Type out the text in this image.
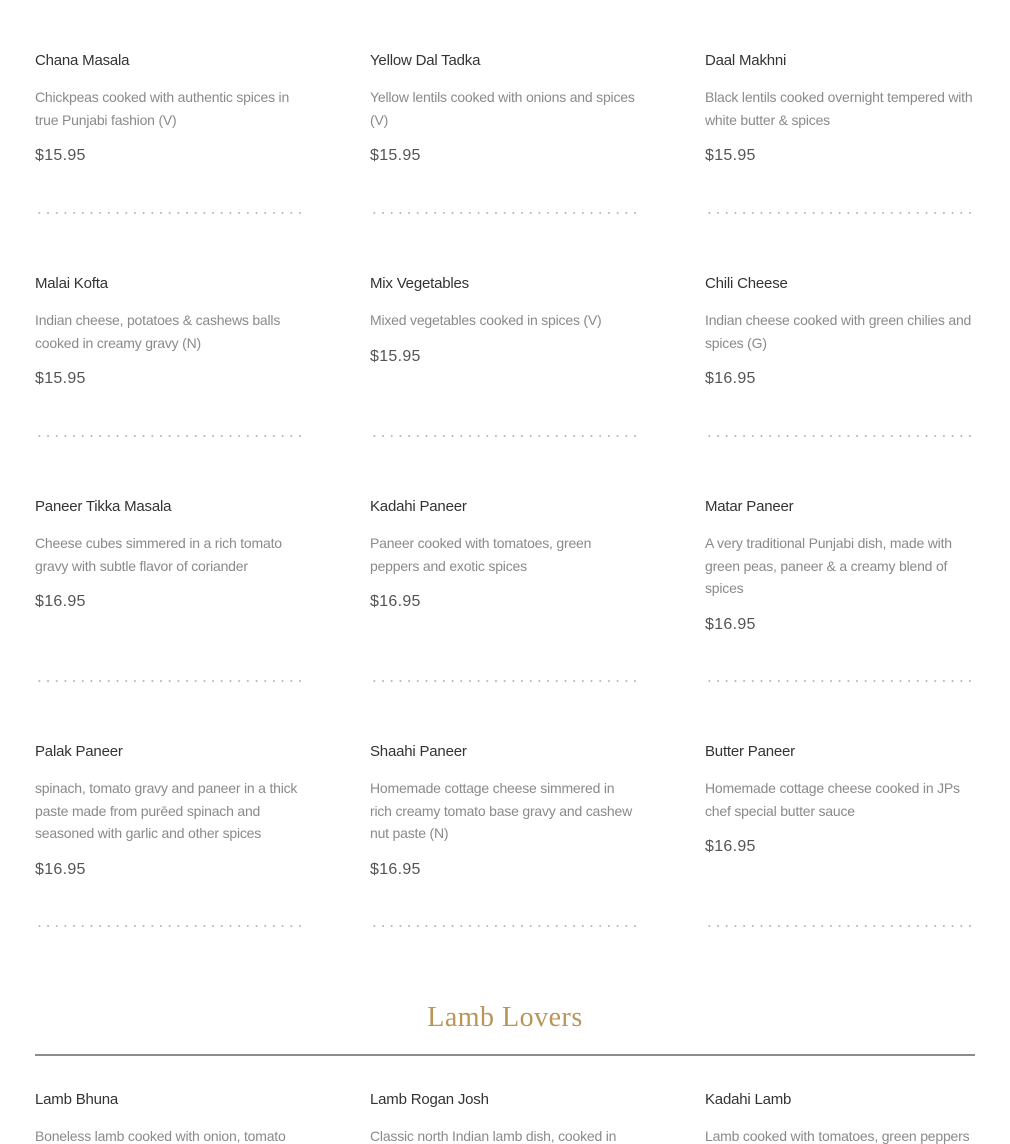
Chana Masala
Chickpeas cooked with authentic spices in true Punjabi fashion (V)
$15.95
Yellow Dal Tadka
Yellow lentils cooked with onions and spices (V)
$15.95
Daal Makhni
Black lentils cooked overnight tempered with white butter & spices
$15.95
Malai Kofta
Indian cheese, potatoes & cashews balls cooked in creamy gravy (N)
$15.95
Mix Vegetables
Mixed vegetables cooked in spices (V)
$15.95
Chili Cheese
Indian cheese cooked with green chilies and spices (G)
$16.95
Paneer Tikka Masala
Cheese cubes simmered in a rich tomato gravy with subtle flavor of coriander
$16.95
Kadahi Paneer
Paneer cooked with tomatoes, green peppers and exotic spices
$16.95
Matar Paneer
A very traditional Punjabi dish, made with green peas, paneer & a creamy blend of spices
$16.95
Palak Paneer
spinach, tomato gravy and paneer in a thick paste made from purēed spinach and seasoned with garlic and other spices
$16.95
Shaahi Paneer
Homemade cottage cheese simmered in rich creamy tomato base gravy and cashew nut paste (N)
$16.95
Butter Paneer
Homemade cottage cheese cooked in JPs chef special butter sauce
$16.95
Lamb Lovers
Lamb Bhuna
Boneless lamb cooked with onion, tomato
Lamb Rogan Josh
Classic north Indian lamb dish, cooked in
Kadahi Lamb
Lamb cooked with tomatoes, green peppers
